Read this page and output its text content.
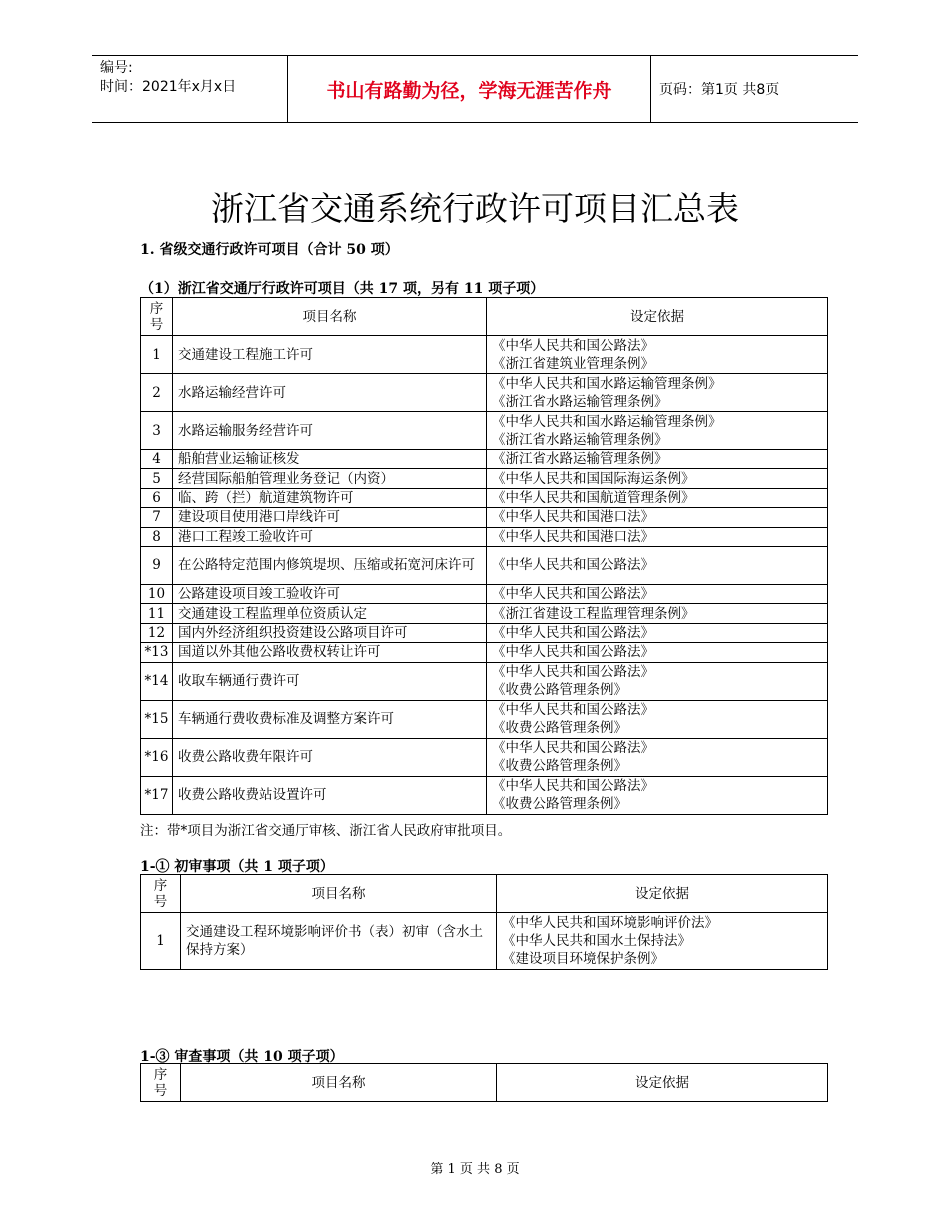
编号:
时间：2021年x月x日	书山有路勤为径，学海无涯苦作舟	页码：第1页 共8页
浙江省交通系统行政许可项目汇总表
1. 省级交通行政许可项目（合计 50 项）
（1）浙江省交通厅行政许可项目（共 17 项，另有 11 项子项）
序号	项目名称	设定依据
1	交通建设工程施工许可	《中华人民共和国公路法》
《浙江省建筑业管理条例》

2	水路运输经营许可	《中华人民共和国水路运输管理条例》
《浙江省水路运输管理条例》

3	水路运输服务经营许可	《中华人民共和国水路运输管理条例》
《浙江省水路运输管理条例》

4	船舶营业运输证核发	《浙江省水路运输管理条例》

5	经营国际船舶管理业务登记（内资）	《中华人民共和国国际海运条例》

6	临、跨（拦）航道建筑物许可	《中华人民共和国航道管理条例》

7	建设项目使用港口岸线许可	《中华人民共和国港口法》

8	港口工程竣工验收许可	《中华人民共和国港口法》

9	在公路特定范围内修筑堤坝、压缩或拓宽河床许可	《中华人民共和国公路法》

10	公路建设项目竣工验收许可	《中华人民共和国公路法》

11	交通建设工程监理单位资质认定	《浙江省建设工程监理管理条例》

12	国内外经济组织投资建设公路项目许可	《中华人民共和国公路法》

*13	国道以外其他公路收费权转让许可	《中华人民共和国公路法》

*14	收取车辆通行费许可	《中华人民共和国公路法》
《收费公路管理条例》

*15	车辆通行费收费标准及调整方案许可	《中华人民共和国公路法》
《收费公路管理条例》

*16	收费公路收费年限许可	《中华人民共和国公路法》
《收费公路管理条例》

*17	收费公路收费站设置许可	《中华人民共和国公路法》
《收费公路管理条例》
注：带*项目为浙江省交通厅审核、浙江省人民政府审批项目。
1-① 初审事项（共 1 项子项）
序号	项目名称	设定依据
1	交通建设工程环境影响评价书（表）初审（含水土保持方案）	《中华人民共和国环境影响评价法》
《中华人民共和国水土保持法》
《建设项目环境保护条例》
1-③ 审查事项（共 10 项子项）
序号	项目名称	设定依据
第 1 页 共 8 页
